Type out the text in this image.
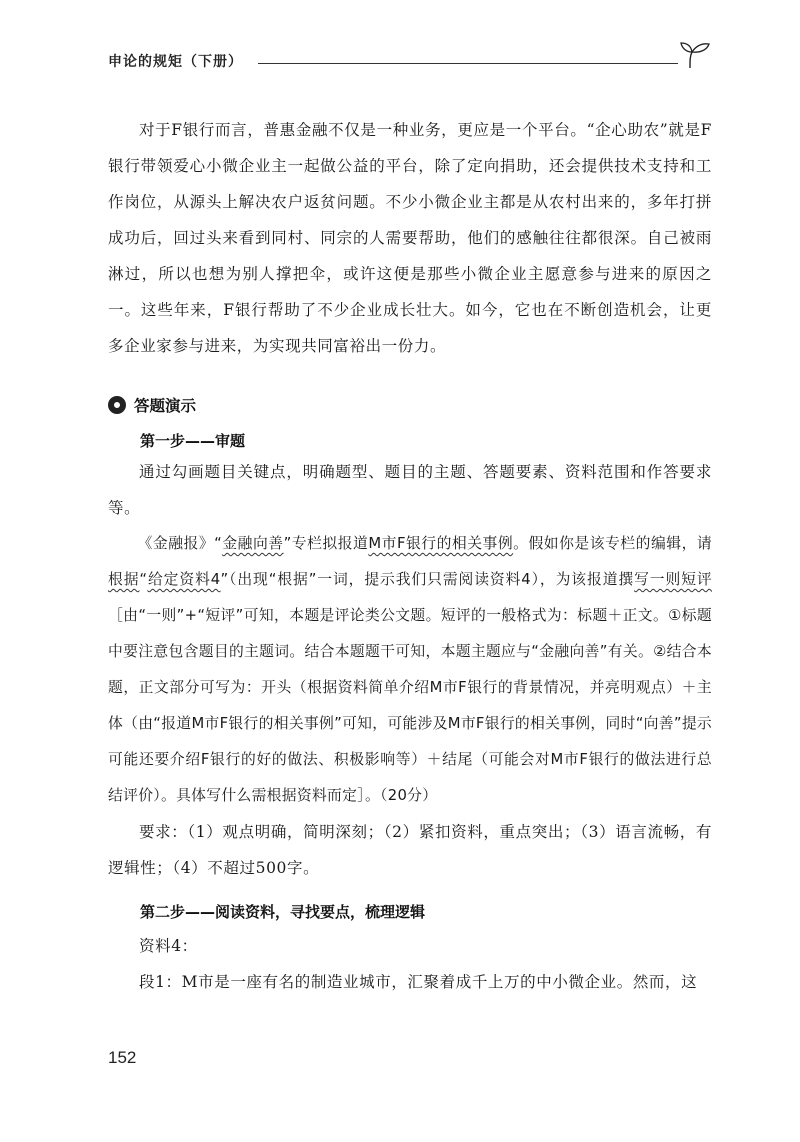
申论的规矩（下册）

对于F银行而言，普惠金融不仅是一种业务，更应是一个平台。“企心助农”就是F银行带领爱心小微企业主一起做公益的平台，除了定向捐助，还会提供技术支持和工作岗位，从源头上解决农户返贫问题。不少小微企业主都是从农村出来的，多年打拼成功后，回过头来看到同村、同宗的人需要帮助，他们的感触往往都很深。自己被雨淋过，所以也想为别人撑把伞，或许这便是那些小微企业主愿意参与进来的原因之一。这些年来，F银行帮助了不少企业成长壮大。如今，它也在不断创造机会，让更多企业家参与进来，为实现共同富裕出一份力。

答题演示
第一步——审题

通过勾画题目关键点，明确题型、题目的主题、答题要素、资料范围和作答要求等。

《金融报》“金融向善”专栏拟报道M市F银行的相关事例。假如你是该专栏的编辑，请根据“给定资料4”（出现“根据”一词，提示我们只需阅读资料4），为该报道撰写一则短评［由“一则”+“短评”可知，本题是评论类公文题。短评的一般格式为：标题＋正文。①标题中要注意包含题目的主题词。结合本题题干可知，本题主题应与“金融向善”有关。②结合本题，正文部分可写为：开头（根据资料简单介绍M市F银行的背景情况，并亮明观点）＋主体（由“报道M市F银行的相关事例”可知，可能涉及M市F银行的相关事例，同时“向善”提示可能还要介绍F银行的好的做法、积极影响等）＋结尾（可能会对M市F银行的做法进行总结评价）。具体写什么需根据资料而定］。（20分）

要求：（1）观点明确，简明深刻；（2）紧扣资料，重点突出；（3）语言流畅，有逻辑性；（4）不超过500字。

第二步——阅读资料，寻找要点，梳理逻辑

资料4：

段1：M市是一座有名的制造业城市，汇聚着成千上万的中小微企业。然而，这

152
